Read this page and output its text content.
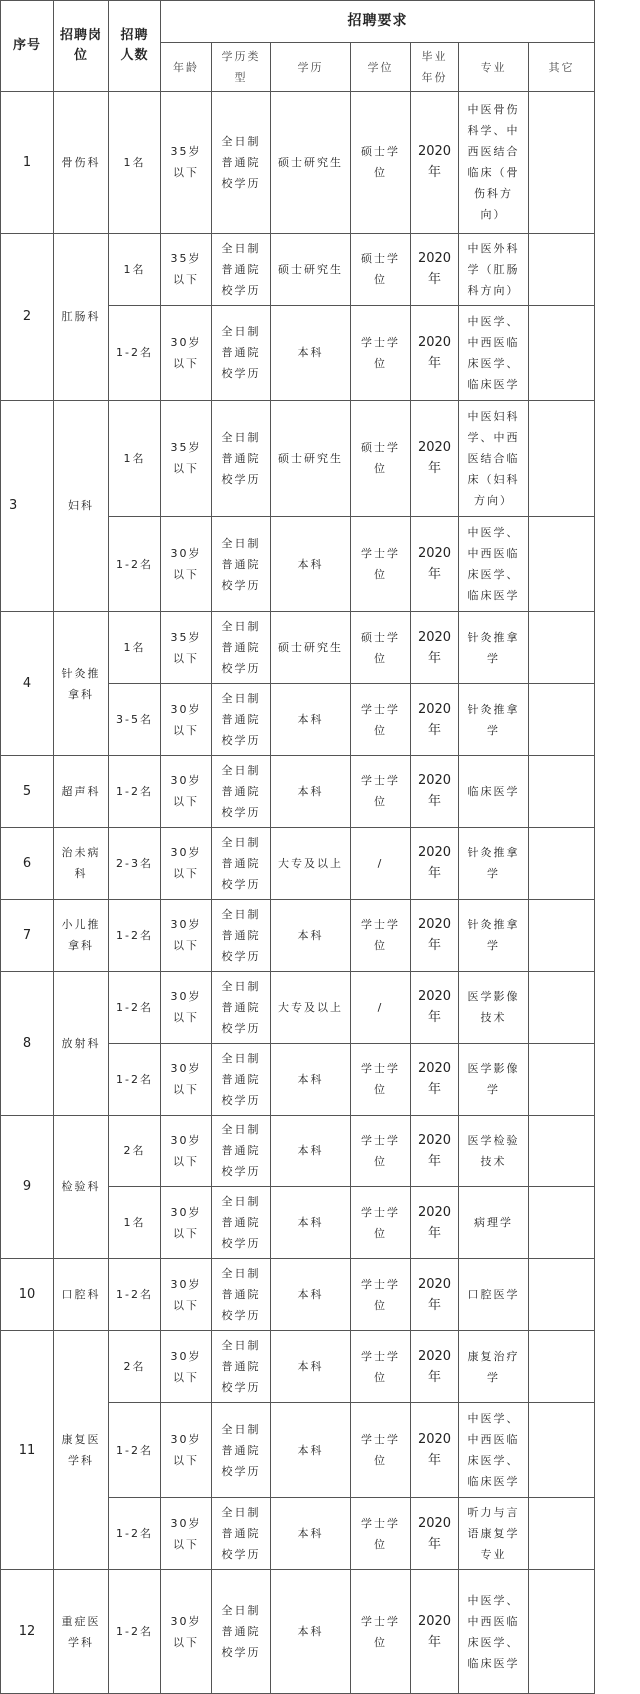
序号	招聘岗位	招聘人数	招聘要求						
			年龄	学历类型	学历	学位	毕业年份	专业	其它
1	骨伤科	1名	35岁以下	全日制普通院校学历	硕士研究生	硕士学位	2020年	中医骨伤科学、中西医结合临床（骨伤科方向）	
2	肛肠科	1名	35岁以下	全日制普通院校学历	硕士研究生	硕士学位	2020年	中医外科学（肛肠科方向）	
		1-2名	30岁以下	全日制普通院校学历	本科	学士学位	2020年	中医学、中西医临床医学、临床医学	
3	妇科	1名	35岁以下	全日制普通院校学历	硕士研究生	硕士学位	2020年	中医妇科学、中西医结合临床（妇科方向）	
		1-2名	30岁以下	全日制普通院校学历	本科	学士学位	2020年	中医学、中西医临床医学、临床医学	
4	针灸推拿科	1名	35岁以下	全日制普通院校学历	硕士研究生	硕士学位	2020年	针灸推拿学	
		3-5名	30岁以下	全日制普通院校学历	本科	学士学位	2020年	针灸推拿学	
5	超声科	1-2名	30岁以下	全日制普通院校学历	本科	学士学位	2020年	临床医学	
6	治未病科	2-3名	30岁以下	全日制普通院校学历	大专及以上	/	2020年	针灸推拿学	
7	小儿推拿科	1-2名	30岁以下	全日制普通院校学历	本科	学士学位	2020年	针灸推拿学	
8	放射科	1-2名	30岁以下	全日制普通院校学历	大专及以上	/	2020年	医学影像技术	
		1-2名	30岁以下	全日制普通院校学历	本科	学士学位	2020年	医学影像学	
9	检验科	2名	30岁以下	全日制普通院校学历	本科	学士学位	2020年	医学检验技术	
		1名	30岁以下	全日制普通院校学历	本科	学士学位	2020年	病理学	
10	口腔科	1-2名	30岁以下	全日制普通院校学历	本科	学士学位	2020年	口腔医学	
11	康复医学科	2名	30岁以下	全日制普通院校学历	本科	学士学位	2020年	康复治疗学	
		1-2名	30岁以下	全日制普通院校学历	本科	学士学位	2020年	中医学、中西医临床医学、临床医学	
		1-2名	30岁以下	全日制普通院校学历	本科	学士学位	2020年	听力与言语康复学专业	
12	重症医学科	1-2名	30岁以下	全日制普通院校学历	本科	学士学位	2020年	中医学、中西医临床医学、临床医学	
